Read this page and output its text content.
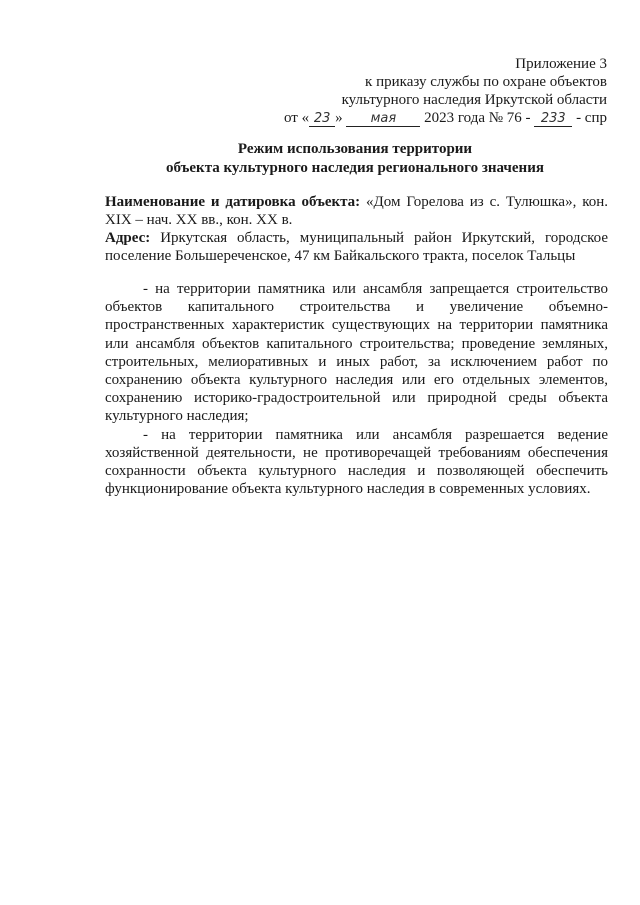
Приложение 3
к приказу службы по охране объектов
культурного наследия Иркутской области
от « 23 » мая 2023 года № 76 - 233 - спр
Режим использования территории
объекта культурного наследия регионального значения

Наименование и датировка объекта: «Дом Горелова из с. Тулюшка», кон. XIX – нач. XX вв., кон. XX в.

Адрес: Иркутская область, муниципальный район Иркутский, городское поселение Большереченское, 47 км Байкальского тракта, поселок Тальцы

- на территории памятника или ансамбля запрещается строительство объектов капитального строительства и увеличение объемно-пространственных характеристик существующих на территории памятника или ансамбля объектов капитального строительства; проведение земляных, строительных, мелиоративных и иных работ, за исключением работ по сохранению объекта культурного наследия или его отдельных элементов, сохранению историко-градостроительной или природной среды объекта культурного наследия;

- на территории памятника или ансамбля разрешается ведение хозяйственной деятельности, не противоречащей требованиям обеспечения сохранности объекта культурного наследия и позволяющей обеспечить функционирование объекта культурного наследия в современных условиях.
